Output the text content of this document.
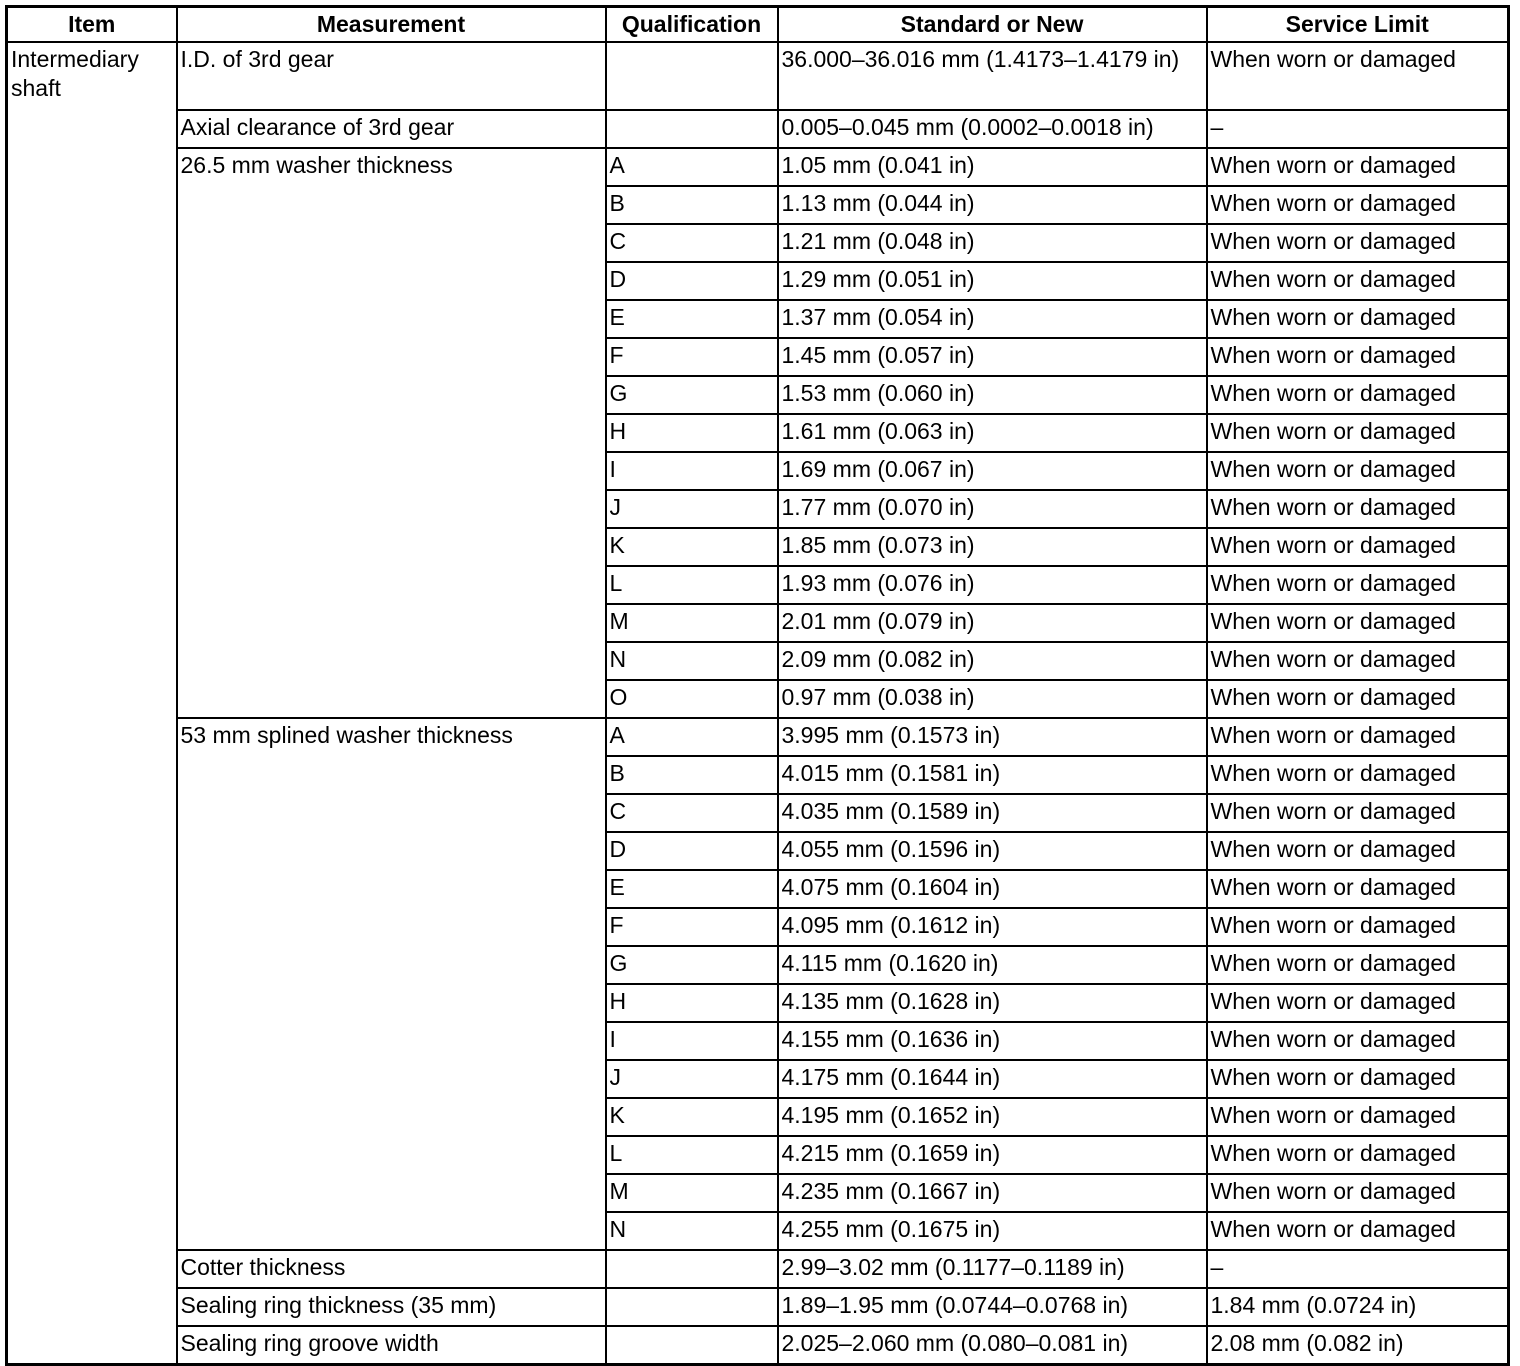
Item	Measurement	Qualification	Standard or New	Service Limit
Intermediary shaft	I.D. of 3rd gear		36.000–36.016 mm (1.4173–1.4179 in)	When worn or damaged
	Axial clearance of 3rd gear		0.005–0.045 mm (0.0002–0.0018 in)	–
	26.5 mm washer thickness	A	1.05 mm (0.041 in)	When worn or damaged
		B	1.13 mm (0.044 in)	When worn or damaged
		C	1.21 mm (0.048 in)	When worn or damaged
		D	1.29 mm (0.051 in)	When worn or damaged
		E	1.37 mm (0.054 in)	When worn or damaged
		F	1.45 mm (0.057 in)	When worn or damaged
		G	1.53 mm (0.060 in)	When worn or damaged
		H	1.61 mm (0.063 in)	When worn or damaged
		I	1.69 mm (0.067 in)	When worn or damaged
		J	1.77 mm (0.070 in)	When worn or damaged
		K	1.85 mm (0.073 in)	When worn or damaged
		L	1.93 mm (0.076 in)	When worn or damaged
		M	2.01 mm (0.079 in)	When worn or damaged
		N	2.09 mm (0.082 in)	When worn or damaged
		O	0.97 mm (0.038 in)	When worn or damaged
	53 mm splined washer thickness	A	3.995 mm (0.1573 in)	When worn or damaged
		B	4.015 mm (0.1581 in)	When worn or damaged
		C	4.035 mm (0.1589 in)	When worn or damaged
		D	4.055 mm (0.1596 in)	When worn or damaged
		E	4.075 mm (0.1604 in)	When worn or damaged
		F	4.095 mm (0.1612 in)	When worn or damaged
		G	4.115 mm (0.1620 in)	When worn or damaged
		H	4.135 mm (0.1628 in)	When worn or damaged
		I	4.155 mm (0.1636 in)	When worn or damaged
		J	4.175 mm (0.1644 in)	When worn or damaged
		K	4.195 mm (0.1652 in)	When worn or damaged
		L	4.215 mm (0.1659 in)	When worn or damaged
		M	4.235 mm (0.1667 in)	When worn or damaged
		N	4.255 mm (0.1675 in)	When worn or damaged
	Cotter thickness		2.99–3.02 mm (0.1177–0.1189 in)	–
	Sealing ring thickness (35 mm)		1.89–1.95 mm (0.0744–0.0768 in)	1.84 mm (0.0724 in)
	Sealing ring groove width		2.025–2.060 mm (0.080–0.081 in)	2.08 mm (0.082 in)
